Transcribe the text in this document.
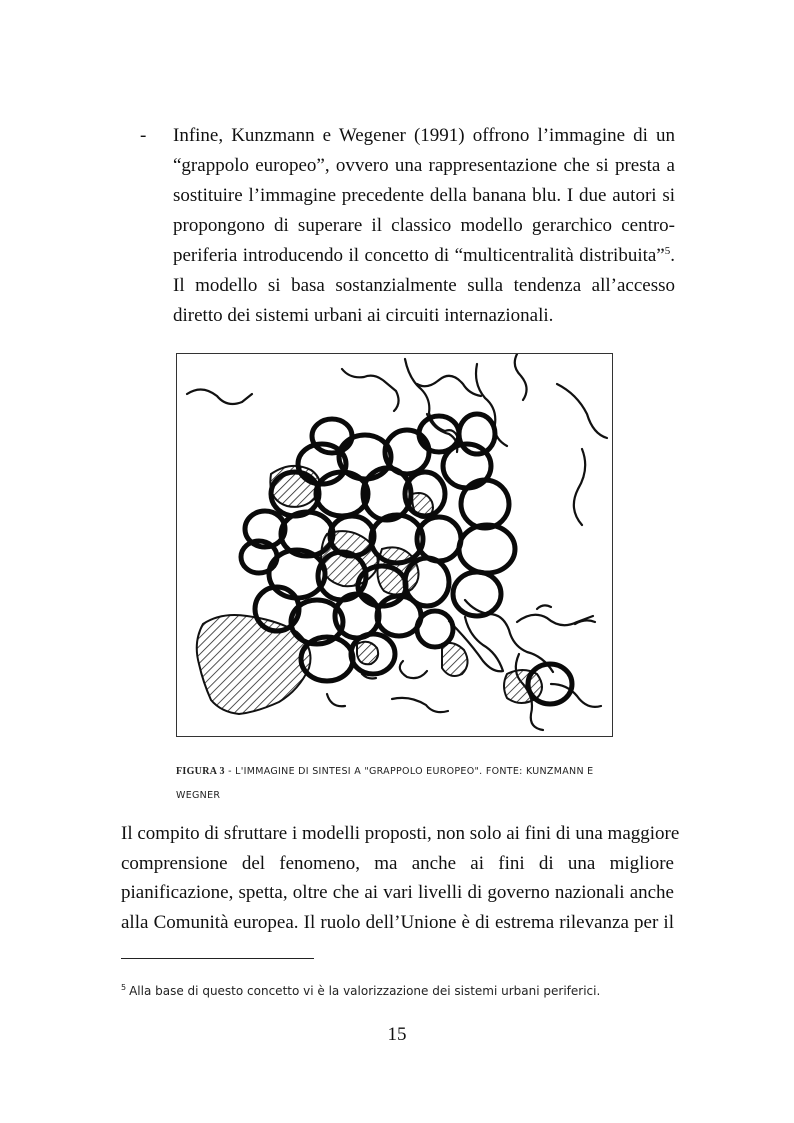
- Infine, Kunzmann e Wegener (1991) offrono l’immagine di un “grappolo europeo”, ovvero una rappresentazione che si presta a sostituire l’immagine precedente della banana blu. I due autori si propongono di superare il classico modello gerarchico centro-periferia introducendo il concetto di “multicentralità distribuita”$^5$. Il modello si basa sostanzialmente sulla tendenza all’accesso diretto dei sistemi urbani ai circuiti internazionali.
FIGURA 3 - L'IMMAGINE DI SINTESI A "GRAPPOLO EUROPEO". FONTE: KUNZMANN E WEGNER
Il compito di sfruttare i modelli proposti, non solo ai fini di una maggiore
comprensione del fenomeno, ma anche ai fini di una migliore
pianificazione, spetta, oltre che ai vari livelli di governo nazionali anche
alla Comunità europea. Il ruolo dell’Unione è di estrema rilevanza per il
$^5$ Alla base di questo concetto vi è la valorizzazione dei sistemi urbani periferici.
15
